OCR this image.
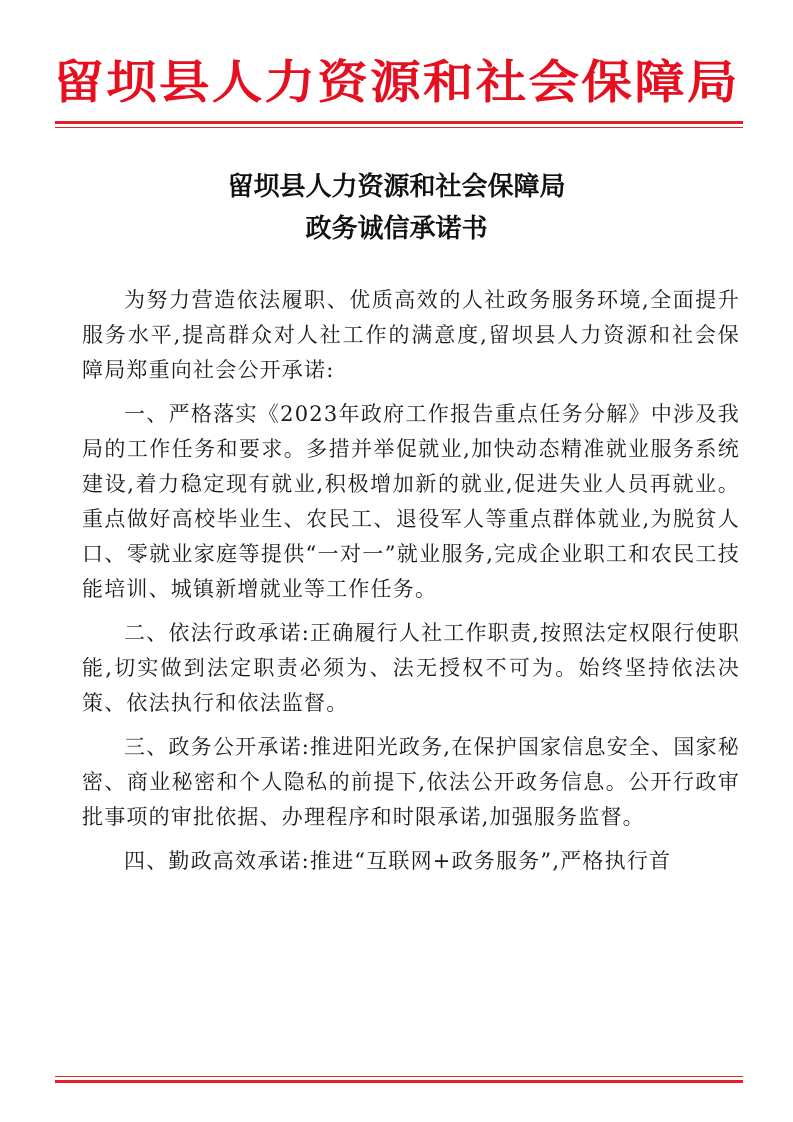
留坝县人力资源和社会保障局
留坝县人力资源和社会保障局
政务诚信承诺书

为努力营造依法履职、优质高效的人社政务服务环境,全面提升服务水平,提高群众对人社工作的满意度,留坝县人力资源和社会保障局郑重向社会公开承诺:

一、严格落实《2023年政府工作报告重点任务分解》中涉及我局的工作任务和要求。多措并举促就业,加快动态精准就业服务系统建设,着力稳定现有就业,积极增加新的就业,促进失业人员再就业。重点做好高校毕业生、农民工、退役军人等重点群体就业,为脱贫人口、零就业家庭等提供“一对一”就业服务,完成企业职工和农民工技能培训、城镇新增就业等工作任务。

二、依法行政承诺:正确履行人社工作职责,按照法定权限行使职能,切实做到法定职责必须为、法无授权不可为。始终坚持依法决策、依法执行和依法监督。

三、政务公开承诺:推进阳光政务,在保护国家信息安全、国家秘密、商业秘密和个人隐私的前提下,依法公开政务信息。公开行政审批事项的审批依据、办理程序和时限承诺,加强服务监督。

四、勤政高效承诺:推进“互联网+政务服务”,严格执行首
